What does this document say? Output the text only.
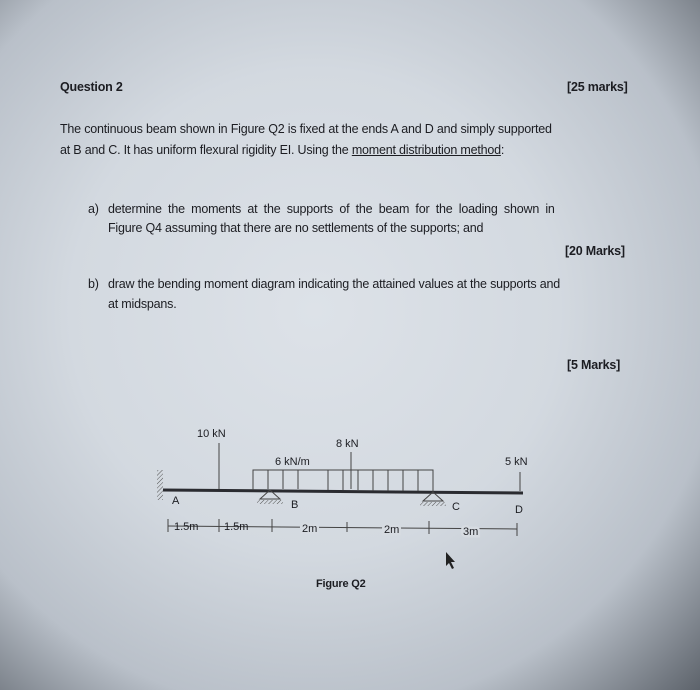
Question 2	[25 marks]
The continuous beam shown in Figure Q2 is fixed at the ends A and D and simply supported
at B and C. It has uniform flexural rigidity EI. Using the moment distribution method:
a) determine the moments at the supports of the beam for the loading shown in
Figure Q4 assuming that there are no settlements of the supports; and
[20 Marks]
b) draw the bending moment diagram indicating the attained values at the supports and
at midspans.
[5 Marks]
10 kN
8 kN
6 kN/m	5 kN
A	B	C	D
1.5m 1.5m	2m	2m	3m
Figure Q2
